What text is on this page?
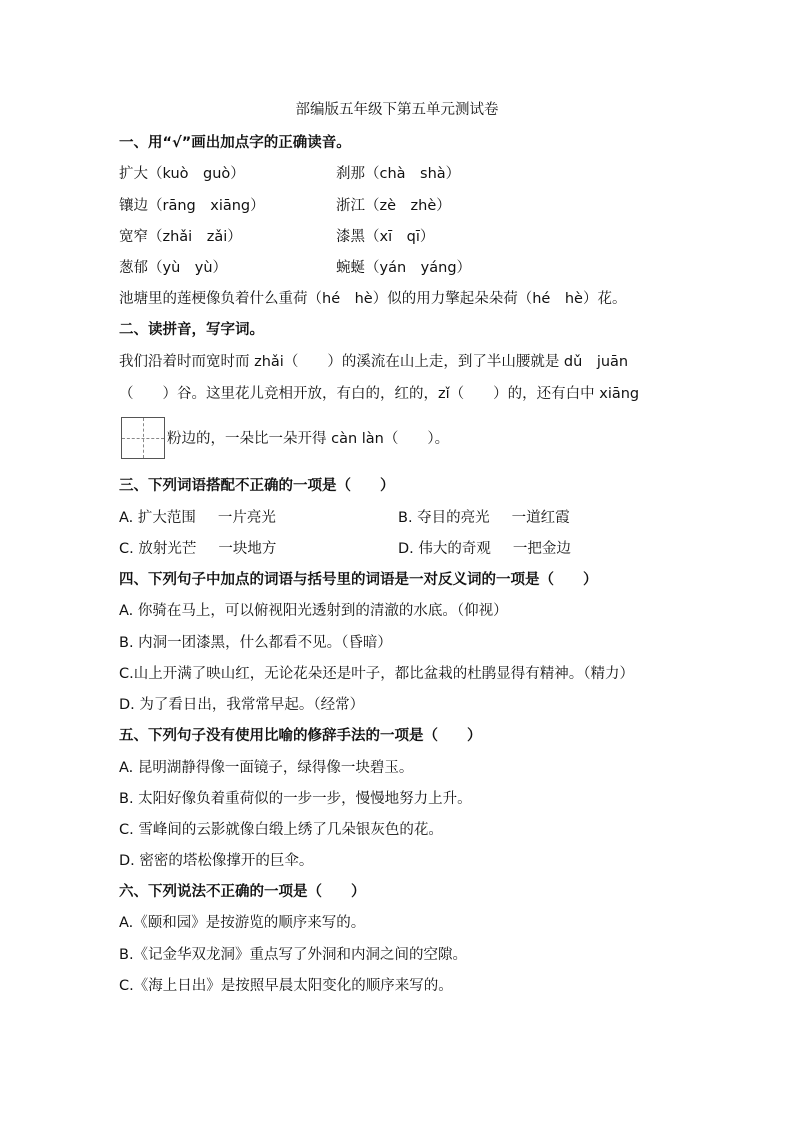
部编版五年级下第五单元测试卷
一、用“√”画出加点字的正确读音。
扩大（kuò　guò）	刹那（chà　shà）
镶边（rāng　xiāng）	浙江（zè　zhè）
宽窄（zhǎi　zǎi）	漆黑（xī　qī）
葱郁（yù　yù）	蜿蜒（yán　yáng）
池塘里的莲梗像负着什么重荷（hé　hè）似的用力擎起朵朵荷（hé　hè）花。
二、读拼音，写字词。
我们沿着时而宽时而 zhǎi（　　）的溪流在山上走，到了半山腰就是 dǔ　juān
（　　）谷。这里花儿竞相开放，有白的，红的，zǐ（　　）的，还有白中 xiāng
粉边的，一朵比一朵开得 càn làn（　　）。
三、下列词语搭配不正确的一项是（　　）
A. 扩大范围 一片亮光	B. 夺目的亮光 一道红霞
C. 放射光芒 一块地方	D. 伟大的奇观 一把金边
四、下列句子中加点的词语与括号里的词语是一对反义词的一项是（　　）
A. 你骑在马上，可以俯视阳光透射到的清澈的水底。（仰视）
B. 内洞一团漆黑，什么都看不见。（昏暗）
C.山上开满了映山红，无论花朵还是叶子，都比盆栽的杜鹃显得有精神。（精力）
D. 为了看日出，我常常早起。（经常）
五、下列句子没有使用比喻的修辞手法的一项是（　　）
A. 昆明湖静得像一面镜子，绿得像一块碧玉。
B. 太阳好像负着重荷似的一步一步，慢慢地努力上升。
C. 雪峰间的云影就像白缎上绣了几朵银灰色的花。
D. 密密的塔松像撑开的巨伞。
六、下列说法不正确的一项是（　　）
A.《颐和园》是按游览的顺序来写的。
B.《记金华双龙洞》重点写了外洞和内洞之间的空隙。
C.《海上日出》是按照早晨太阳变化的顺序来写的。
